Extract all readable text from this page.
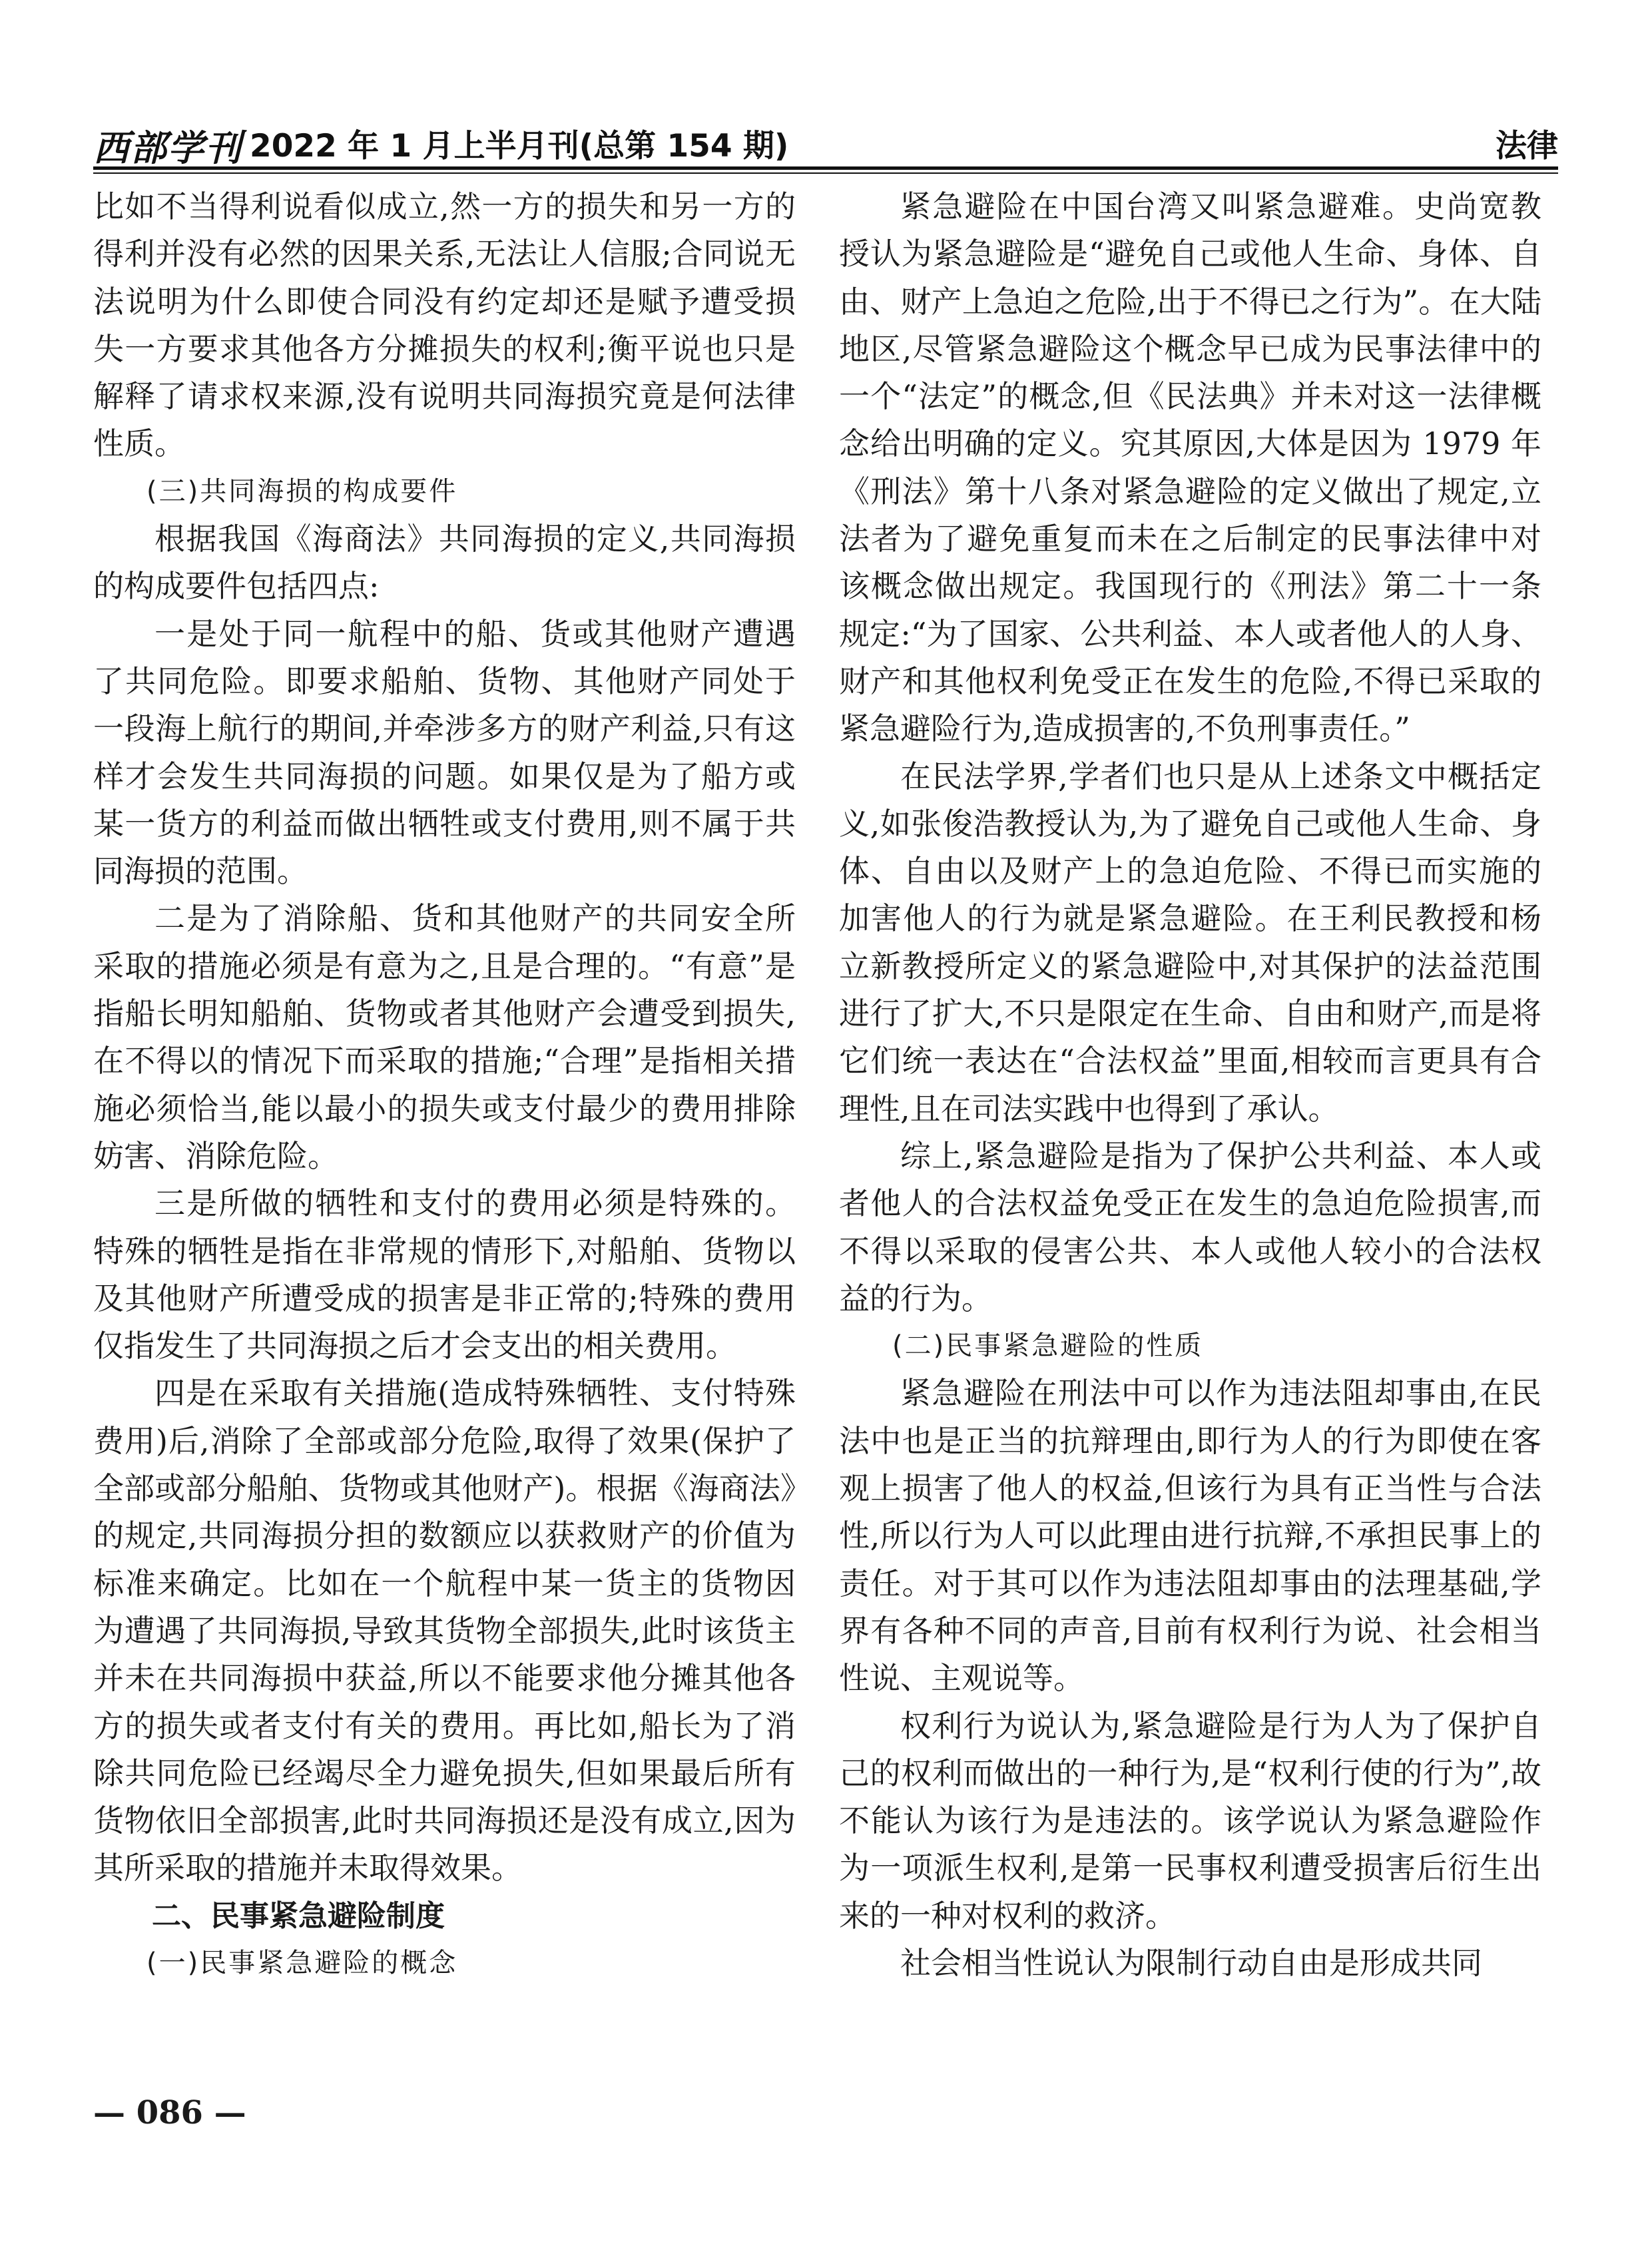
西部学刊 2022 年 1 月上半月刊(总第 154 期)	法律

比如不当得利说看似成立,然一方的损失和另一方的得利并没有必然的因果关系,无法让人信服;合同说无法说明为什么即使合同没有约定却还是赋予遭受损失一方要求其他各方分摊损失的权利;衡平说也只是解释了请求权来源,没有说明共同海损究竟是何法律性质。

(三)共同海损的构成要件

根据我国《海商法》共同海损的定义,共同海损的构成要件包括四点:

一是处于同一航程中的船、货或其他财产遭遇了共同危险。即要求船舶、货物、其他财产同处于一段海上航行的期间,并牵涉多方的财产利益,只有这样才会发生共同海损的问题。如果仅是为了船方或某一货方的利益而做出牺牲或支付费用,则不属于共同海损的范围。

二是为了消除船、货和其他财产的共同安全所采取的措施必须是有意为之,且是合理的。“有意”是指船长明知船舶、货物或者其他财产会遭受到损失,在不得以的情况下而采取的措施;“合理”是指相关措施必须恰当,能以最小的损失或支付最少的费用排除妨害、消除危险。

三是所做的牺牲和支付的费用必须是特殊的。特殊的牺牲是指在非常规的情形下,对船舶、货物以及其他财产所遭受成的损害是非正常的;特殊的费用仅指发生了共同海损之后才会支出的相关费用。

四是在采取有关措施(造成特殊牺牲、支付特殊费用)后,消除了全部或部分危险,取得了效果(保护了全部或部分船舶、货物或其他财产)。根据《海商法》的规定,共同海损分担的数额应以获救财产的价值为标准来确定。比如在一个航程中某一货主的货物因为遭遇了共同海损,导致其货物全部损失,此时该货主并未在共同海损中获益,所以不能要求他分摊其他各方的损失或者支付有关的费用。再比如,船长为了消除共同危险已经竭尽全力避免损失,但如果最后所有货物依旧全部损害,此时共同海损还是没有成立,因为其所采取的措施并未取得效果。

二、民事紧急避险制度

(一)民事紧急避险的概念

紧急避险在中国台湾又叫紧急避难。史尚宽教授认为紧急避险是“避免自己或他人生命、身体、自由、财产上急迫之危险,出于不得已之行为”。在大陆地区,尽管紧急避险这个概念早已成为民事法律中的一个“法定”的概念,但《民法典》并未对这一法律概念给出明确的定义。究其原因,大体是因为 1979 年《刑法》第十八条对紧急避险的定义做出了规定,立法者为了避免重复而未在之后制定的民事法律中对该概念做出规定。我国现行的《刑法》第二十一条规定:“为了国家、公共利益、本人或者他人的人身、财产和其他权利免受正在发生的危险,不得已采取的紧急避险行为,造成损害的,不负刑事责任。”

在民法学界,学者们也只是从上述条文中概括定义,如张俊浩教授认为,为了避免自己或他人生命、身体、自由以及财产上的急迫危险、不得已而实施的加害他人的行为就是紧急避险。在王利民教授和杨立新教授所定义的紧急避险中,对其保护的法益范围进行了扩大,不只是限定在生命、自由和财产,而是将它们统一表达在“合法权益”里面,相较而言更具有合理性,且在司法实践中也得到了承认。

综上,紧急避险是指为了保护公共利益、本人或者他人的合法权益免受正在发生的急迫危险损害,而不得以采取的侵害公共、本人或他人较小的合法权益的行为。

(二)民事紧急避险的性质

紧急避险在刑法中可以作为违法阻却事由,在民法中也是正当的抗辩理由,即行为人的行为即使在客观上损害了他人的权益,但该行为具有正当性与合法性,所以行为人可以此理由进行抗辩,不承担民事上的责任。对于其可以作为违法阻却事由的法理基础,学界有各种不同的声音,目前有权利行为说、社会相当性说、主观说等。

权利行为说认为,紧急避险是行为人为了保护自己的权利而做出的一种行为,是“权利行使的行为”,故不能认为该行为是违法的。该学说认为紧急避险作为一项派生权利,是第一民事权利遭受损害后衍生出来的一种对权利的救济。

社会相当性说认为限制行动自由是形成共同

— 086 —
